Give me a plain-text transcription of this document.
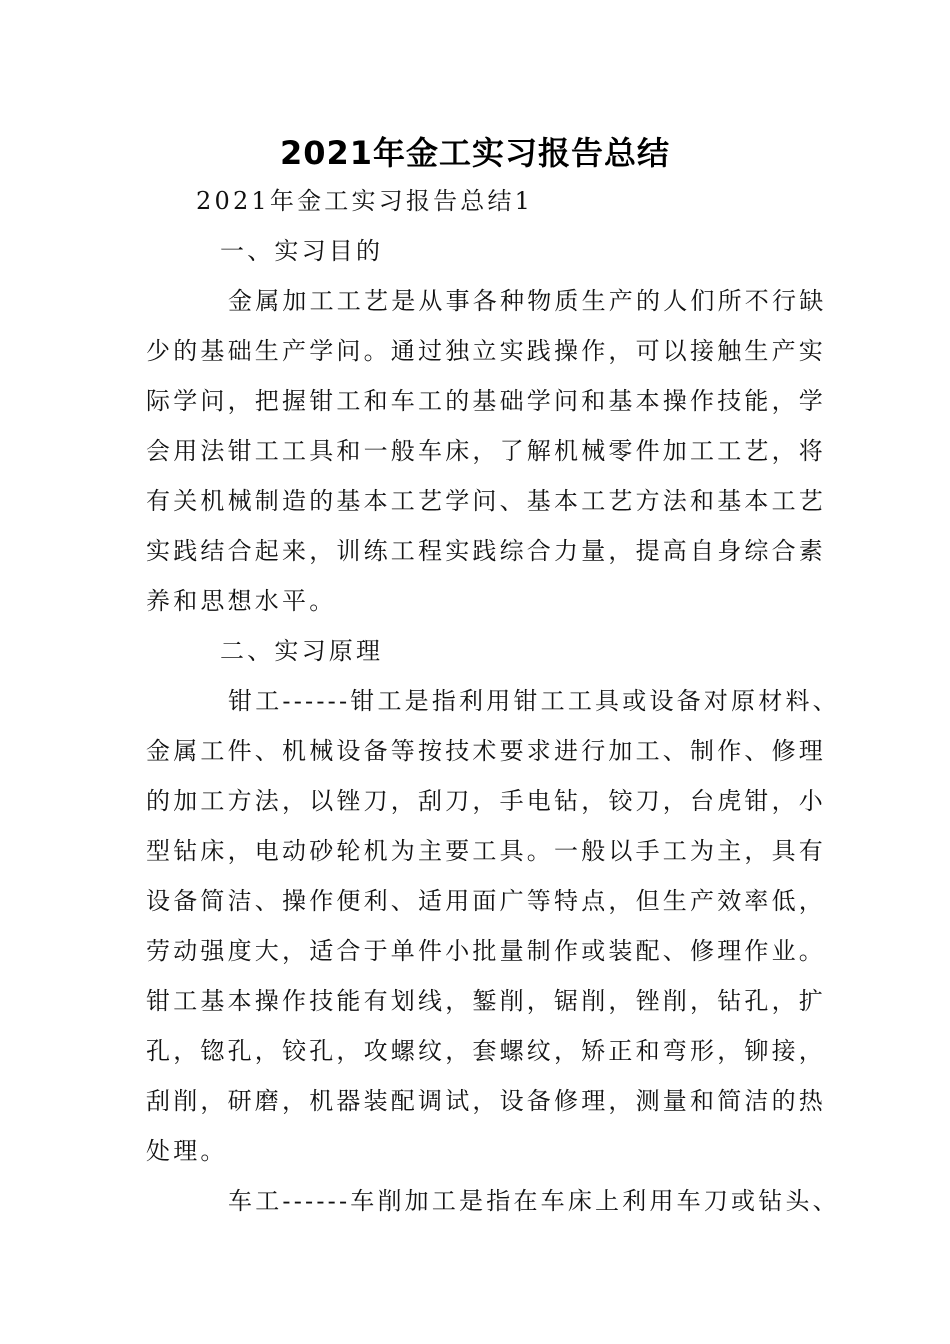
2021年金工实习报告总结
2021年金工实习报告总结1
一、实习目的
金属加工工艺是从事各种物质生产的人们所不行缺
少的基础生产学问。通过独立实践操作，可以接触生产实
际学问，把握钳工和车工的基础学问和基本操作技能，学
会用法钳工工具和一般车床，了解机械零件加工工艺，将
有关机械制造的基本工艺学问、基本工艺方法和基本工艺
实践结合起来，训练工程实践综合力量，提高自身综合素
养和思想水平。
二、实习原理
钳工------钳工是指利用钳工工具或设备对原材料、
金属工件、机械设备等按技术要求进行加工、制作、修理
的加工方法，以锉刀，刮刀，手电钻，铰刀，台虎钳，小
型钻床，电动砂轮机为主要工具。一般以手工为主，具有
设备简洁、操作便利、适用面广等特点，但生产效率低，
劳动强度大，适合于单件小批量制作或装配、修理作业。
钳工基本操作技能有划线，錾削，锯削，锉削，钻孔，扩
孔，锪孔，铰孔，攻螺纹，套螺纹，矫正和弯形，铆接，
刮削，研磨，机器装配调试，设备修理，测量和简洁的热
处理。
车工------车削加工是指在车床上利用车刀或钻头、
